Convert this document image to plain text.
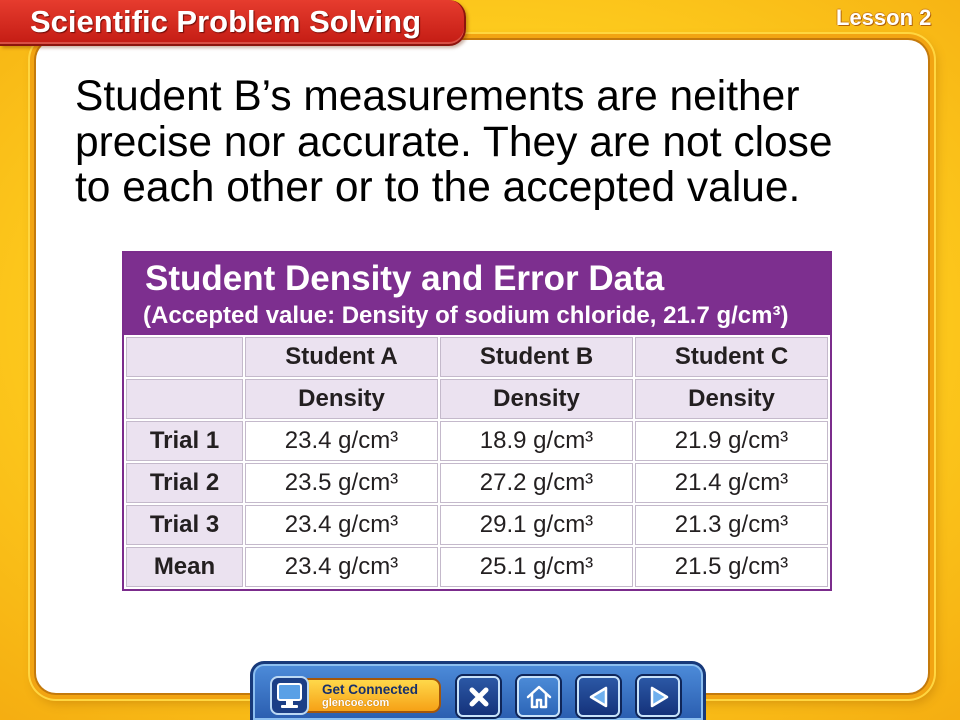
Scientific Problem Solving	Lesson 2

Student B’s measurements are neither precise nor accurate. They are not close to each other or to the accepted value.

Student Density and Error Data
(Accepted value: Density of sodium chloride, 21.7 g/cm³)
	Student A	Student B	Student C
	Density	Density	Density
Trial 1	23.4 g/cm³	18.9 g/cm³	21.9 g/cm³
Trial 2	23.5 g/cm³	27.2 g/cm³	21.4 g/cm³
Trial 3	23.4 g/cm³	29.1 g/cm³	21.3 g/cm³
Mean	23.4 g/cm³	25.1 g/cm³	21.5 g/cm³
Get Connected
glencoe.com
